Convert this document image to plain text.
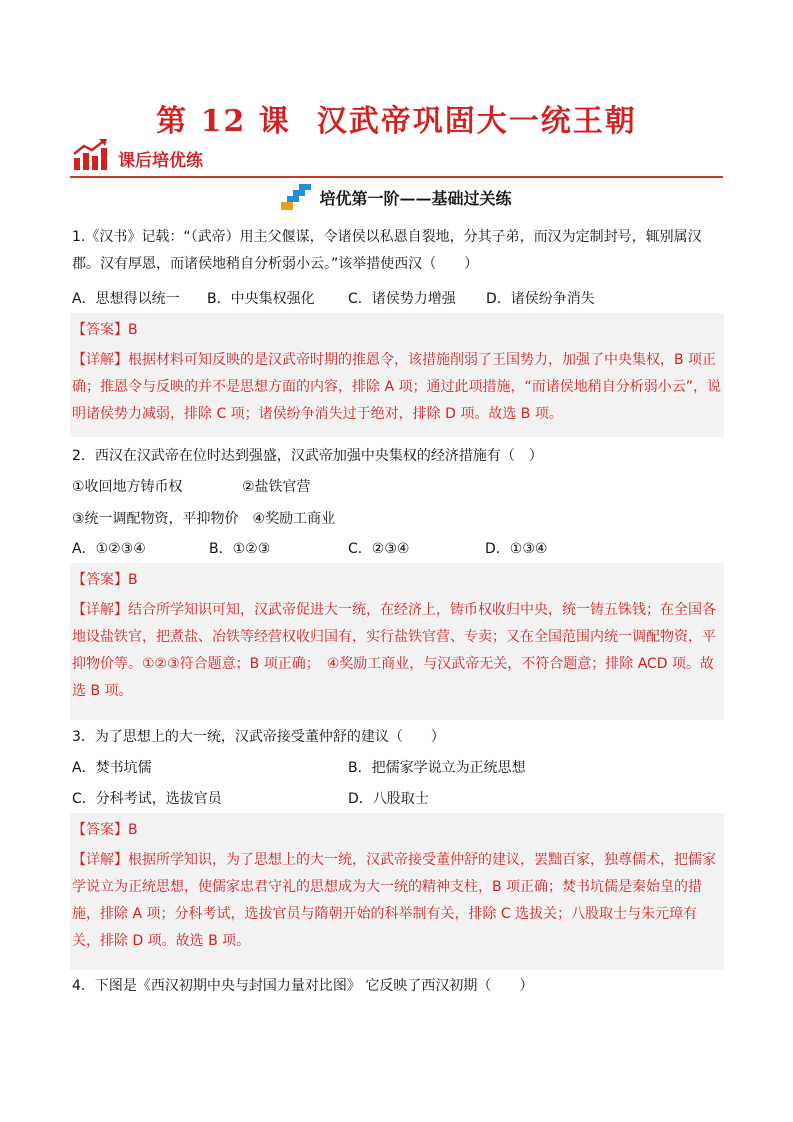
第 12 课 汉武帝巩固大一统王朝
课后培优练
培优第一阶——基础过关练
1.《汉书》记载：“（武帝）用主父偃谋，令诸侯以私恩自裂地，分其子弟，而汉为定制封号，辄别属汉郡。汉有厚恩，而诸侯地稍自分析弱小云。”该举措使西汉（　　）
A．思想得以统一 B．中央集权强化 C．诸侯势力增强 D．诸侯纷争消失
【答案】B
【详解】根据材料可知反映的是汉武帝时期的推恩令，该措施削弱了王国势力，加强了中央集权，B 项正确；推恩令与反映的并不是思想方面的内容，排除 A 项；通过此项措施，“而诸侯地稍自分析弱小云”，说明诸侯势力减弱，排除 C 项；诸侯纷争消失过于绝对，排除 D 项。故选 B 项。
2．西汉在汉武帝在位时达到强盛，汉武帝加强中央集权的经济措施有（　）
①收回地方铸币权	②盐铁官营
③统一调配物资，平抑物价　④奖励工商业
A．①②③④	B．①②③	C．②③④	D．①③④
【答案】B
【详解】结合所学知识可知，汉武帝促进大一统，在经济上，铸币权收归中央，统一铸五铢钱；在全国各地设盐铁官，把煮盐、冶铁等经营权收归国有，实行盐铁官营、专卖；又在全国范围内统一调配物资，平抑物价等。①②③符合题意；B 项正确；　④奖励工商业，与汉武帝无关，不符合题意；排除 ACD 项。故选 B 项。
3．为了思想上的大一统，汉武帝接受董仲舒的建议（　　）
A．焚书坑儒	B．把儒家学说立为正统思想
C．分科考试，选拔官员	D．八股取士
【答案】B
【详解】根据所学知识，为了思想上的大一统，汉武帝接受董仲舒的建议，罢黜百家，独尊儒术，把儒家学说立为正统思想，使儒家忠君守礼的思想成为大一统的精神支柱，B 项正确；焚书坑儒是秦始皇的措施，排除 A 项；分科考试，选拔官员与隋朝开始的科举制有关，排除 C 选拔关；八股取士与朱元璋有关，排除 D 项。故选 B 项。
4．下图是《西汉初期中央与封国力量对比图》 它反映了西汉初期（　　）
